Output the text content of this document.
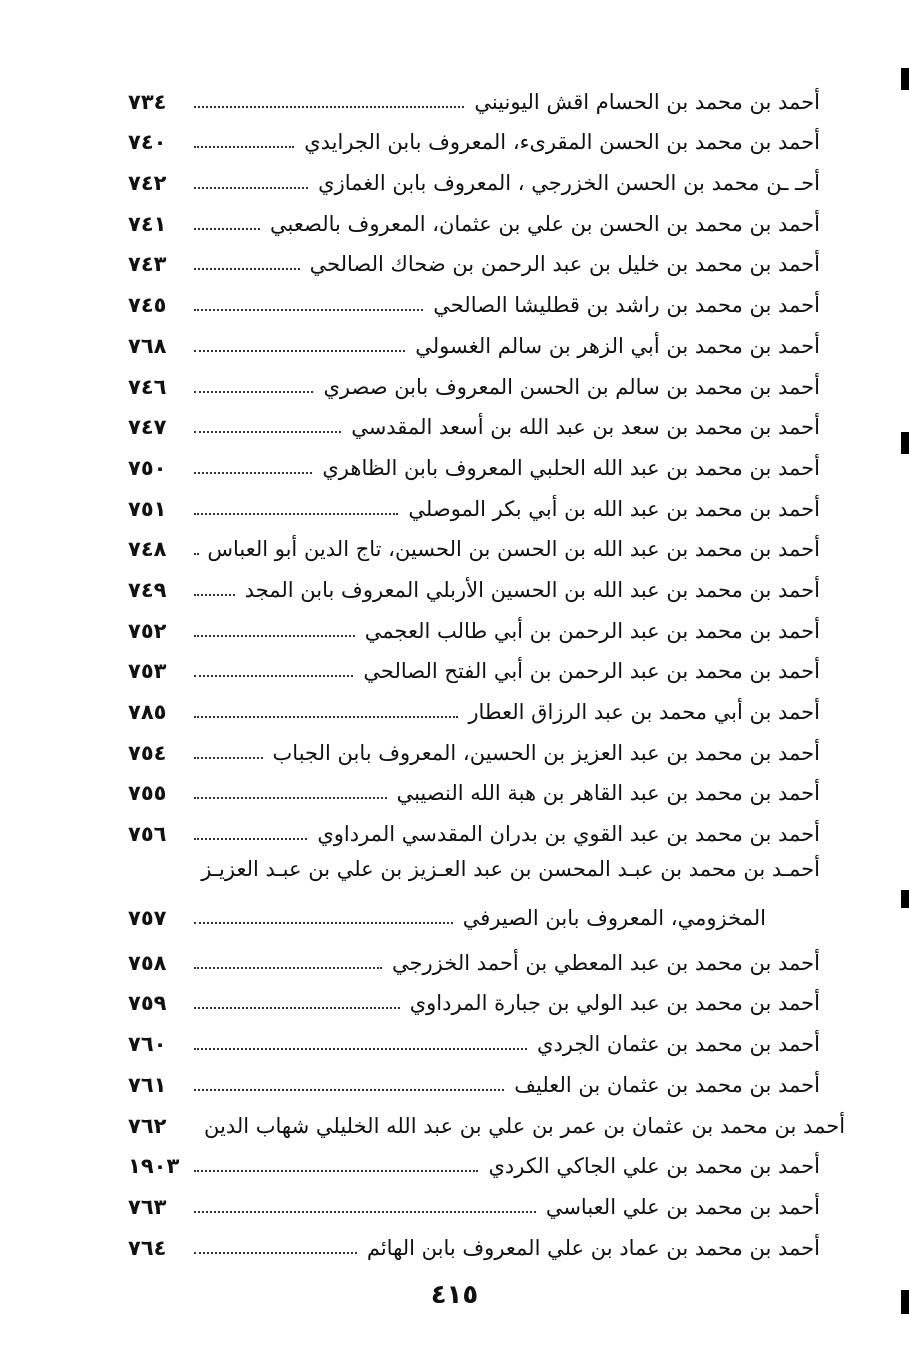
٧٣٤	أحمد بن محمد بن الحسام اقش اليونيني
٧٤٠	أحمد بن محمد بن الحسن المقرىء، المعروف بابن الجرايدي
٧٤٢	أحـ ـن محمد بن الحسن الخزرجي ، المعروف بابن الغمازي
٧٤١	أحمد بن محمد بن الحسن بن علي بن عثمان، المعروف بالصعبي
٧٤٣	أحمد بن محمد بن خليل بن عبد الرحمن بن ضحاك الصالحي
٧٤٥	أحمد بن محمد بن راشد بن قطليشا الصالحي
٧٦٨	أحمد بن محمد بن أبي الزهر بن سالم الغسولي
٧٤٦	أحمد بن محمد بن سالم بن الحسن المعروف بابن صصري
٧٤٧	أحمد بن محمد بن سعد بن عبد الله بن أسعد المقدسي
٧٥٠	أحمد بن محمد بن عبد الله الحلبي المعروف بابن الظاهري
٧٥١	أحمد بن محمد بن عبد الله بن أبي بكر الموصلي
٧٤٨	أحمد بن محمد بن عبد الله بن الحسن بن الحسين، تاج الدين أبو العباس
٧٤٩	أحمد بن محمد بن عبد الله بن الحسين الأربلي المعروف بابن المجد
٧٥٢	أحمد بن محمد بن عبد الرحمن بن أبي طالب العجمي
٧٥٣	أحمد بن محمد بن عبد الرحمن بن أبي الفتح الصالحي
٧٨٥	أحمد بن أبي محمد بن عبد الرزاق العطار
٧٥٤	أحمد بن محمد بن عبد العزيز بن الحسين، المعروف بابن الجباب
٧٥٥	أحمد بن محمد بن عبد القاهر بن هبة الله النصيبي
٧٥٦	أحمد بن محمد بن عبد القوي بن بدران المقدسي المرداوي
أحمـد بن محمد بن عبـد المحسن بن عبد العـزيز بن علي بن عبـد العزيـز
٧٥٧	المخزومي، المعروف بابن الصيرفي
٧٥٨	أحمد بن محمد بن عبد المعطي بن أحمد الخزرجي
٧٥٩	أحمد بن محمد بن عبد الولي بن جبارة المرداوي
٧٦٠	أحمد بن محمد بن عثمان الجردي
٧٦١	أحمد بن محمد بن عثمان بن العليف
٧٦٢	أحمد بن محمد بن عثمان بن عمر بن علي بن عبد الله الخليلي شهاب الدين
١٩٠٣	أحمد بن محمد بن علي الجاكي الكردي
٧٦٣	أحمد بن محمد بن علي العباسي
٧٦٤	أحمد بن محمد بن عماد بن علي المعروف بابن الهائم
٤١٥
